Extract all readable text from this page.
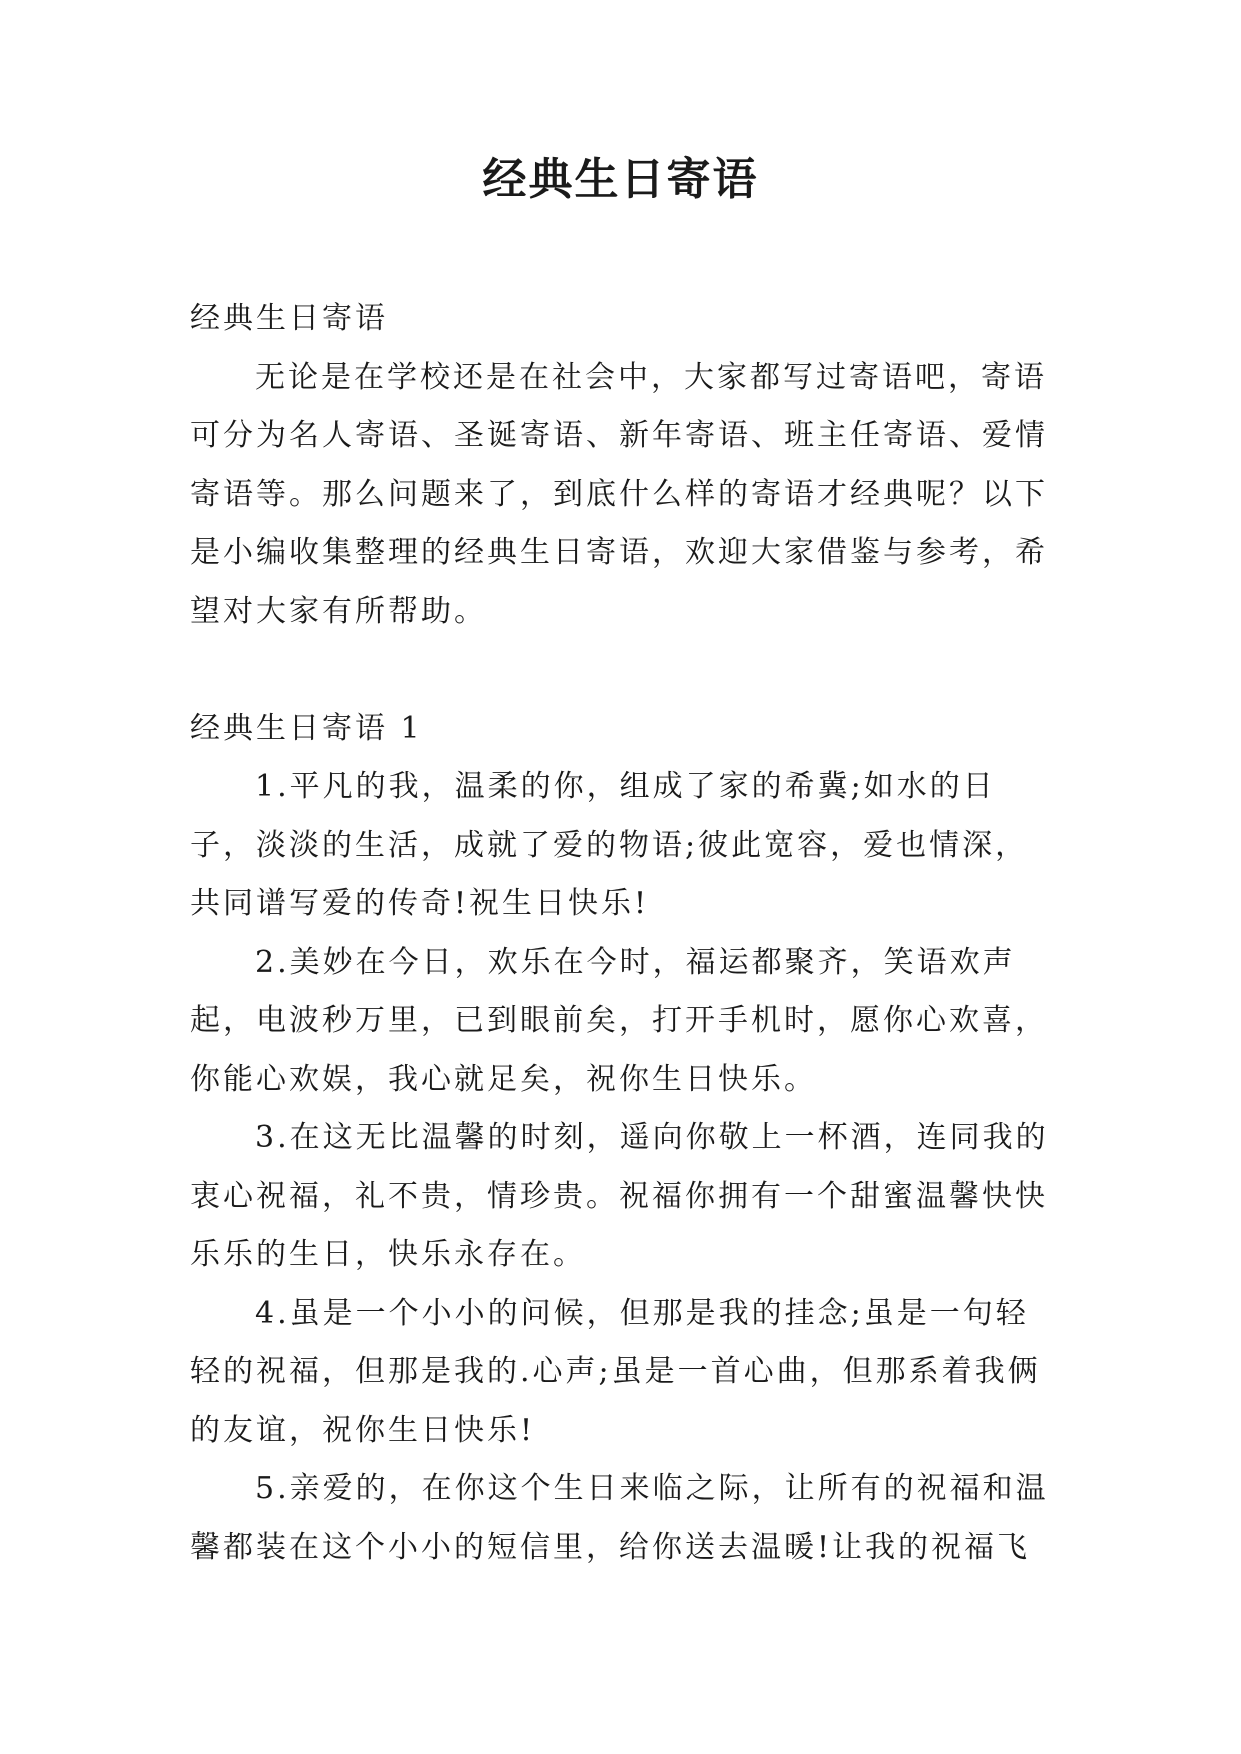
经典生日寄语

经典生日寄语

无论是在学校还是在社会中，大家都写过寄语吧，寄语可分为名人寄语、圣诞寄语、新年寄语、班主任寄语、爱情寄语等。那么问题来了，到底什么样的寄语才经典呢？以下是小编收集整理的经典生日寄语，欢迎大家借鉴与参考，希望对大家有所帮助。

经典生日寄语 1

1.平凡的我，温柔的你，组成了家的希冀;如水的日子，淡淡的生活，成就了爱的物语;彼此宽容，爱也情深，共同谱写爱的传奇!祝生日快乐!

2.美妙在今日，欢乐在今时，福运都聚齐，笑语欢声起，电波秒万里，已到眼前矣，打开手机时，愿你心欢喜，你能心欢娱，我心就足矣，祝你生日快乐。

3.在这无比温馨的时刻，遥向你敬上一杯酒，连同我的衷心祝福，礼不贵，情珍贵。祝福你拥有一个甜蜜温馨快快乐乐的生日，快乐永存在。

4.虽是一个小小的问候，但那是我的挂念;虽是一句轻轻的祝福，但那是我的.心声;虽是一首心曲，但那系着我俩的友谊，祝你生日快乐!

5.亲爱的，在你这个生日来临之际，让所有的祝福和温馨都装在这个小小的短信里，给你送去温暖!让我的祝福飞
